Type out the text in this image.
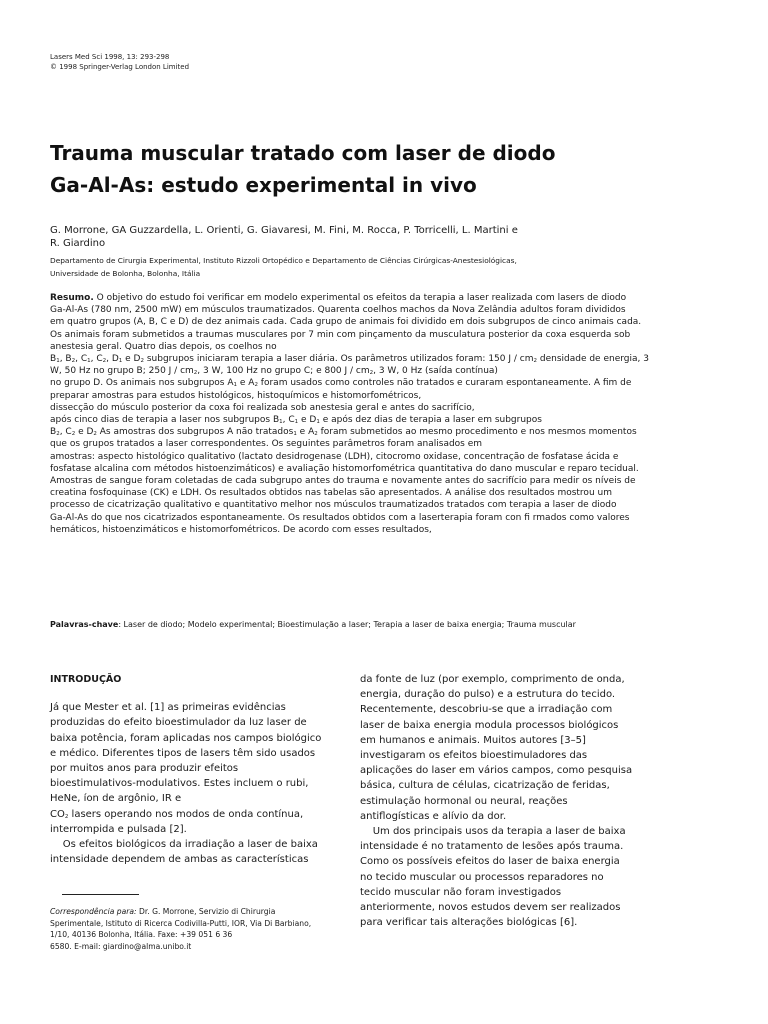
Lasers Med Sci 1998, 13: 293-298
© 1998 Springer-Verlag London Limited
Trauma muscular tratado com laser de diodo
Ga-Al-As: estudo experimental in vivo
G. Morrone, GA Guzzardella, L. Orienti, G. Giavaresi, M. Fini, M. Rocca, P. Torricelli, L. Martini e
R. Giardino
Departamento de Cirurgia Experimental, Instituto Rizzoli Ortopédico e Departamento de Ciências Cirúrgicas-Anestesiológicas,
Universidade de Bolonha, Bolonha, Itália
Resumo. O objetivo do estudo foi verificar em modelo experimental os efeitos da terapia a laser realizada com lasers de diodo
Ga-Al-As (780 nm, 2500 mW) em músculos traumatizados. Quarenta coelhos machos da Nova Zelândia adultos foram divididos
em quatro grupos (A, B, C e D) de dez animais cada. Cada grupo de animais foi dividido em dois subgrupos de cinco animais cada.
Os animais foram submetidos a traumas musculares por 7 min com pinçamento da musculatura posterior da coxa esquerda sob
anestesia geral. Quatro dias depois, os coelhos no
$B_1$, $B_2$, $C_1$, $C_2$, $D_1$ e $D_2$ subgrupos iniciaram terapia a laser diária. Os parâmetros utilizados foram: 150 J / $cm_2$ densidade de energia, 3
W, 50 Hz no grupo B; 250 J / $cm_2$, 3 W, 100 Hz no grupo C; e 800 J / $cm_2$, 3 W, 0 Hz (saída contínua)
no grupo D. Os animais nos subgrupos $A_1$ e $A_2$ foram usados como controles não tratados e curaram espontaneamente. A fim de
preparar amostras para estudos histológicos, histoquímicos e histomorfométricos,
dissecção do músculo posterior da coxa foi realizada sob anestesia geral e antes do sacrifício,
após cinco dias de terapia a laser nos subgrupos $B_1$, $C_1$ e $D_1$ e após dez dias de terapia a laser em subgrupos
$B_2$, $C_2$ e $D_2$ As amostras dos subgrupos A não tratados$_1$ e $A_2$ foram submetidos ao mesmo procedimento e nos mesmos momentos
que os grupos tratados a laser correspondentes. Os seguintes parâmetros foram analisados em
amostras: aspecto histológico qualitativo (lactato desidrogenase (LDH), citocromo oxidase, concentração de fosfatase ácida e
fosfatase alcalina com métodos histoenzimáticos) e avaliação histomorfométrica quantitativa do dano muscular e reparo tecidual.
Amostras de sangue foram coletadas de cada subgrupo antes do trauma e novamente antes do sacrifício para medir os níveis de
creatina fosfoquinase (CK) e LDH. Os resultados obtidos nas tabelas são apresentados. A análise dos resultados mostrou um
processo de cicatrização qualitativo e quantitativo melhor nos músculos traumatizados tratados com terapia a laser de diodo
Ga-Al-As do que nos cicatrizados espontaneamente. Os resultados obtidos com a laserterapia foram con fi rmados como valores
hemáticos, histoenzimáticos e histomorfométricos. De acordo com esses resultados,
Palavras-chave: Laser de diodo; Modelo experimental; Bioestimulação a laser; Terapia a laser de baixa energia; Trauma muscular
INTRODUÇÃO
Já que Mester et al. [1] as primeiras evidências
produzidas do efeito bioestimulador da luz laser de
baixa potência, foram aplicadas nos campos biológico
e médico. Diferentes tipos de lasers têm sido usados
por muitos anos para produzir efeitos
bioestimulativos-modulativos. Estes incluem o rubi,
HeNe, íon de argônio, IR e
$CO_2$ lasers operando nos modos de onda contínua,
interrompida e pulsada [2].
Os efeitos biológicos da irradiação a laser de baixa
intensidade dependem de ambas as características
da fonte de luz (por exemplo, comprimento de onda,
energia, duração do pulso) e a estrutura do tecido.
Recentemente, descobriu-se que a irradiação com
laser de baixa energia modula processos biológicos
em humanos e animais. Muitos autores [3–5]
investigaram os efeitos bioestimuladores das
aplicações do laser em vários campos, como pesquisa
básica, cultura de células, cicatrização de feridas,
estimulação hormonal ou neural, reações
antiflogísticas e alívio da dor.
Um dos principais usos da terapia a laser de baixa
intensidade é no tratamento de lesões após trauma.
Como os possíveis efeitos do laser de baixa energia
no tecido muscular ou processos reparadores no
tecido muscular não foram investigados
anteriormente, novos estudos devem ser realizados
para verificar tais alterações biológicas [6].
Correspondência para: Dr. G. Morrone, Servizio di Chirurgia
Sperimentale, Istituto di Ricerca Codivilla-Putti, IOR, Via Di Barbiano,
1/10, 40136 Bolonha, Itália. Faxe: +39 051 6 36
6580. E-mail: giardino@alma.unibo.it
